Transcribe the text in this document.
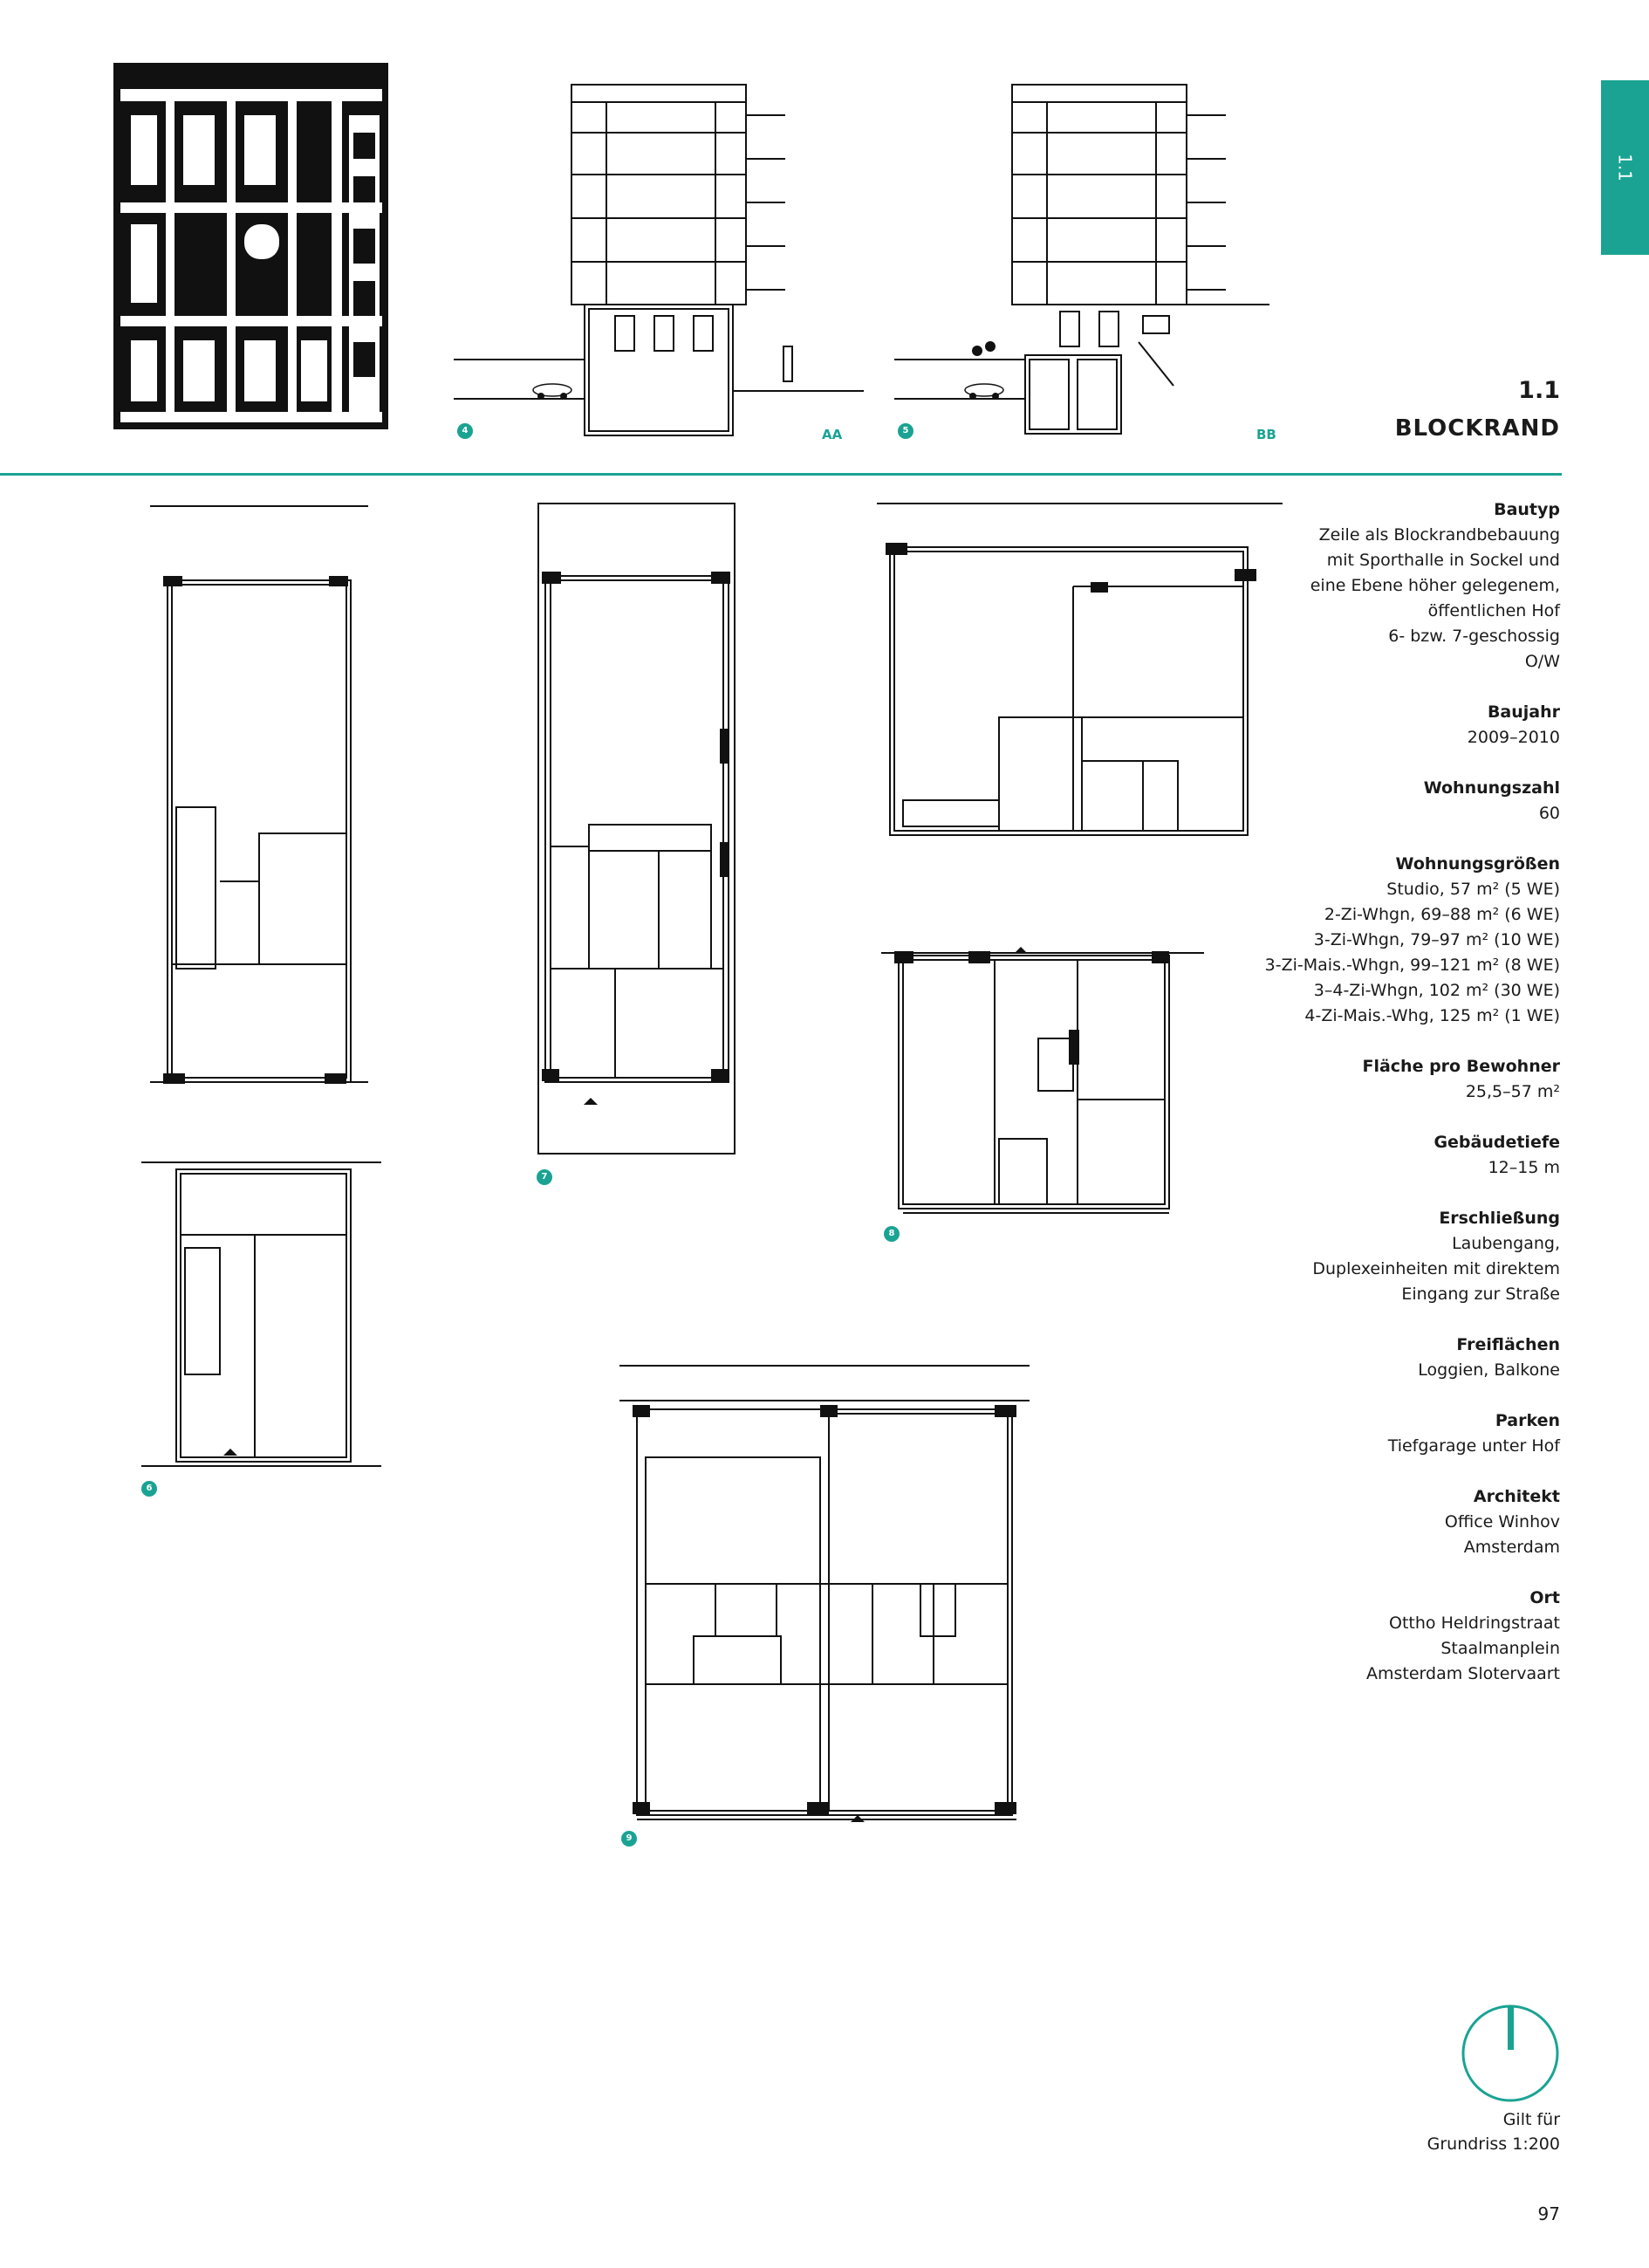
1.1
4	AA	5	BB
1.1
BLOCKRAND
6
7
8
9
Bautyp
Zeile als Blockrandbebauung
mit Sporthalle in Sockel und
eine Ebene höher gelegenem,
öffentlichen Hof
6- bzw. 7-geschossig
O/W
Baujahr
2009–2010
Wohnungszahl
60
Wohnungsgrößen
Studio, 57 m² (5 WE)
2-Zi-Whgn, 69–88 m² (6 WE)
3-Zi-Whgn, 79–97 m² (10 WE)
3-Zi-Mais.-Whgn, 99–121 m² (8 WE)
3–4-Zi-Whgn, 102 m² (30 WE)
4-Zi-Mais.-Whg, 125 m² (1 WE)
Fläche pro Bewohner
25,5–57 m²
Gebäudetiefe
12–15 m
Erschließung
Laubengang,
Duplexeinheiten mit direktem
Eingang zur Straße
Freiflächen
Loggien, Balkone
Parken
Tiefgarage unter Hof
Architekt
Office Winhov
Amsterdam
Ort
Ottho Heldringstraat
Staalmanplein
Amsterdam Slotervaart
Gilt für
Grundriss 1:200
97
